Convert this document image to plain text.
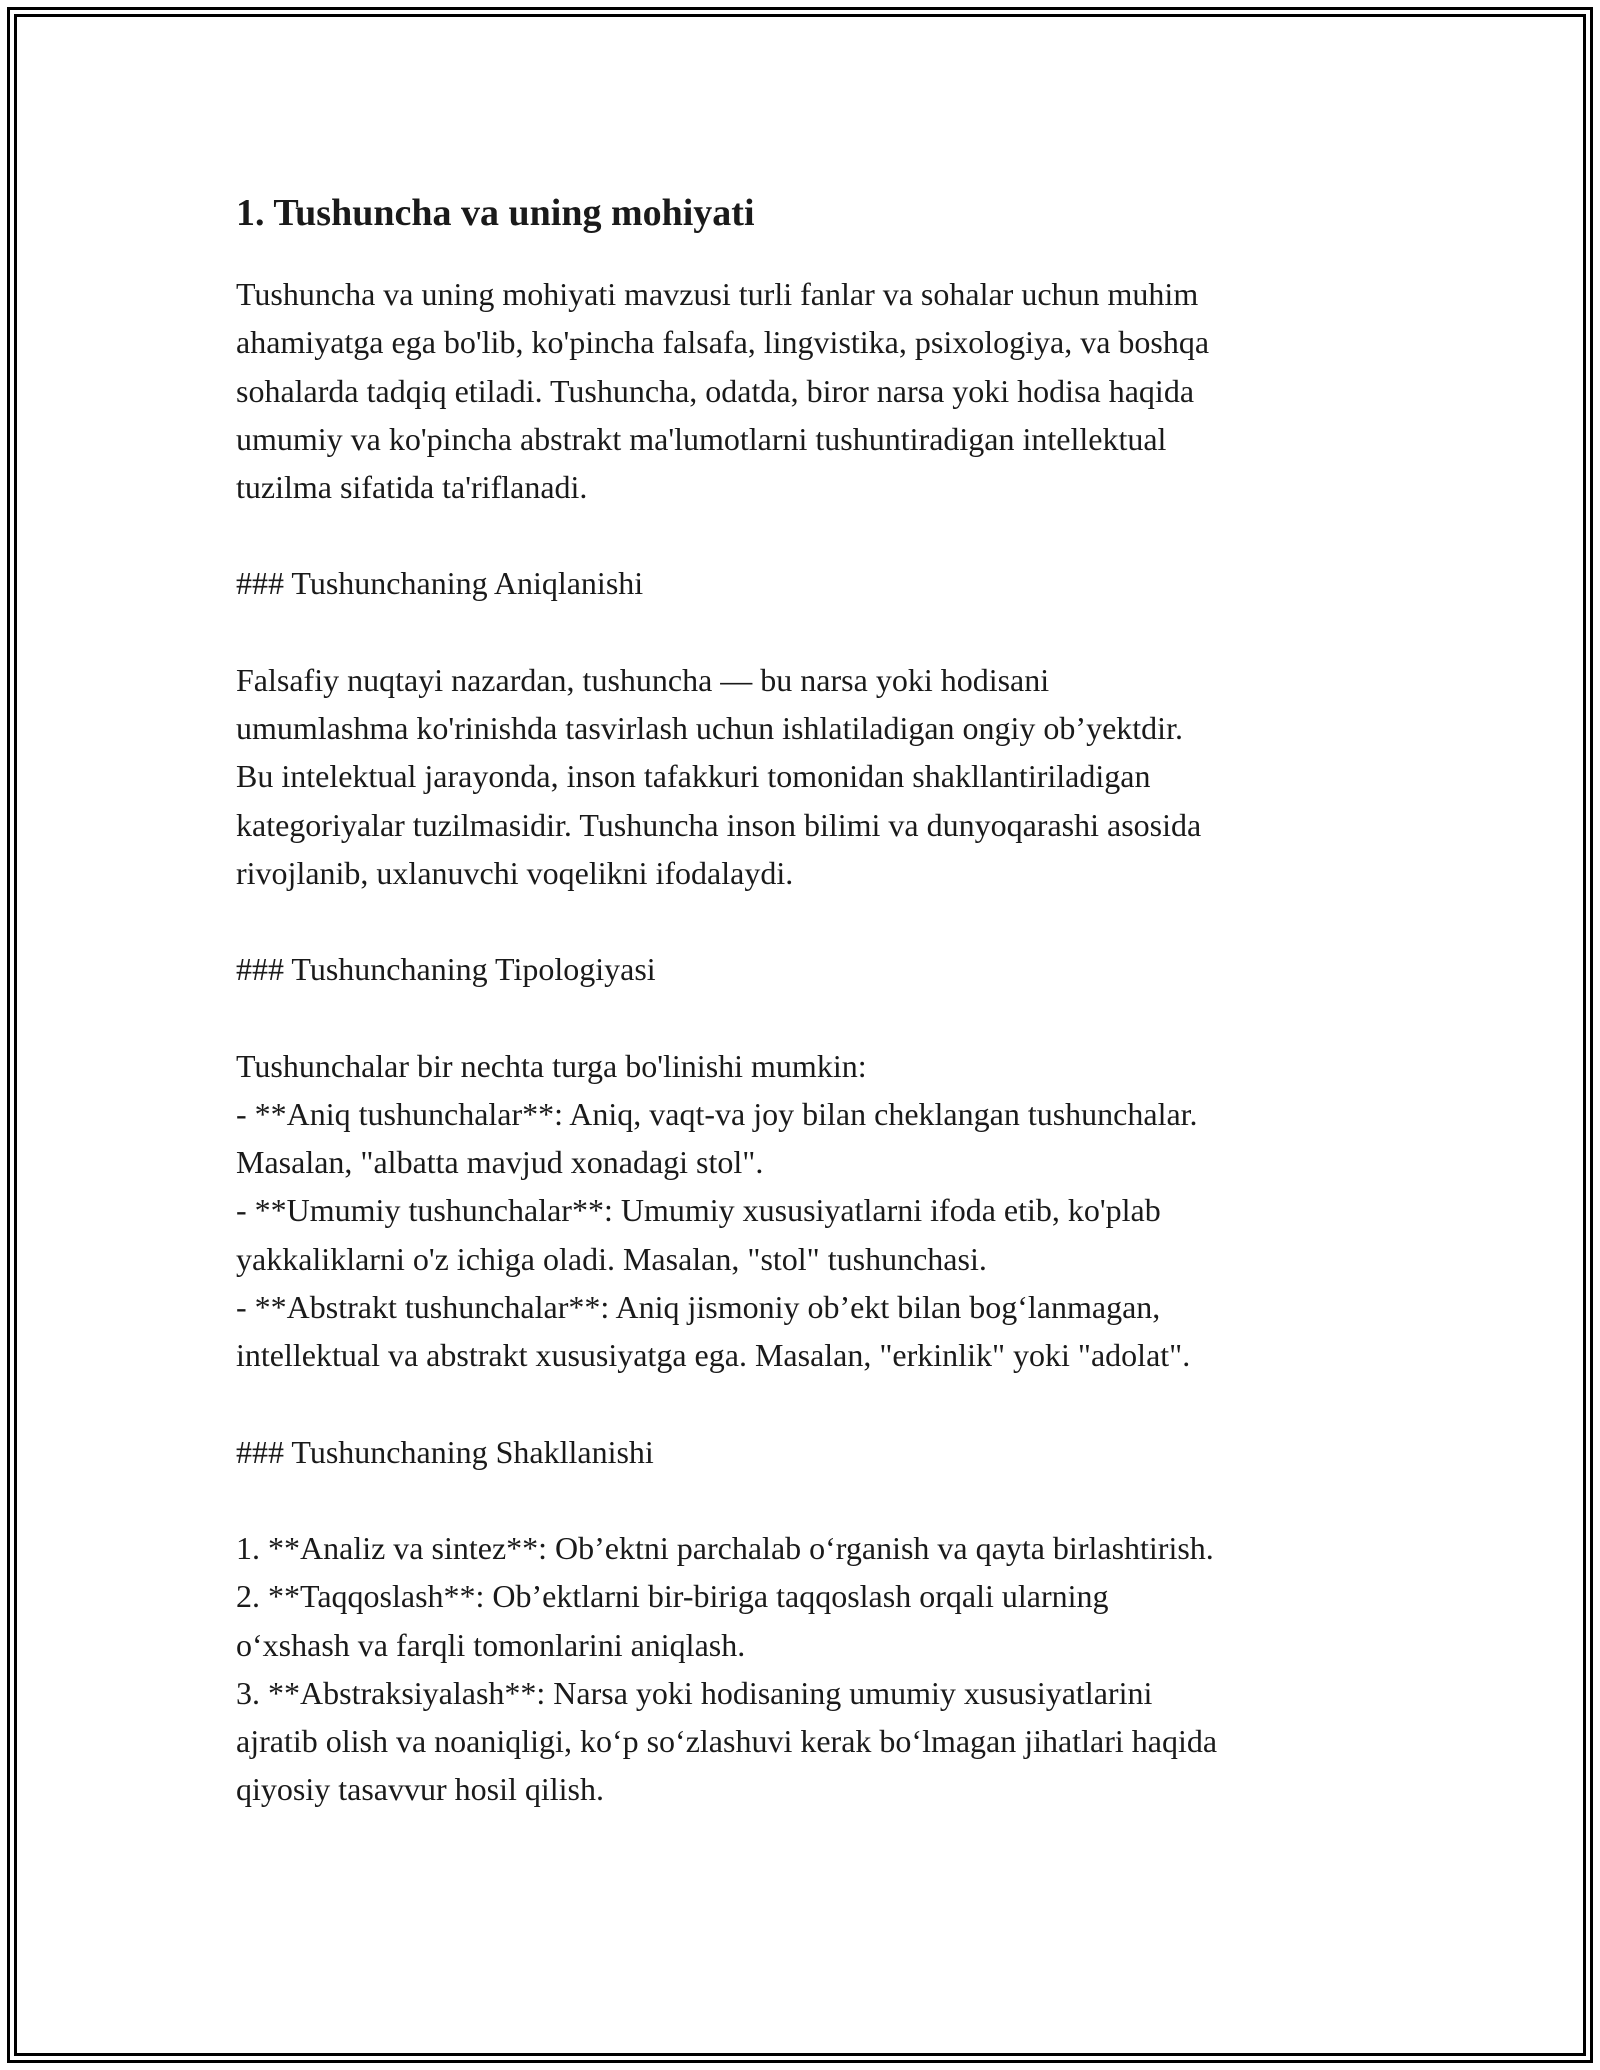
1. Tushuncha va uning mohiyati
Tushuncha va uning mohiyati mavzusi turli fanlar va sohalar uchun muhim
ahamiyatga ega bo'lib, ko'pincha falsafa, lingvistika, psixologiya, va boshqa
sohalarda tadqiq etiladi. Tushuncha, odatda, biror narsa yoki hodisa haqida
umumiy va ko'pincha abstrakt ma'lumotlarni tushuntiradigan intellektual
tuzilma sifatida ta'riflanadi.
### Tushunchaning Aniqlanishi
Falsafiy nuqtayi nazardan, tushuncha — bu narsa yoki hodisani
umumlashma ko'rinishda tasvirlash uchun ishlatiladigan ongiy ob’yektdir.
Bu intelektual jarayonda, inson tafakkuri tomonidan shakllantiriladigan
kategoriyalar tuzilmasidir. Tushuncha inson bilimi va dunyoqarashi asosida
rivojlanib, uxlanuvchi voqelikni ifodalaydi.
### Tushunchaning Tipologiyasi
Tushunchalar bir nechta turga bo'linishi mumkin:
- **Aniq tushunchalar**: Aniq, vaqt-va joy bilan cheklangan tushunchalar.
Masalan, "albatta mavjud xonadagi stol".
- **Umumiy tushunchalar**: Umumiy xususiyatlarni ifoda etib, ko'plab
yakkaliklarni o'z ichiga oladi. Masalan, "stol" tushunchasi.
- **Abstrakt tushunchalar**: Aniq jismoniy ob’ekt bilan bog‘lanmagan,
intellektual va abstrakt xususiyatga ega. Masalan, "erkinlik" yoki "adolat".
### Tushunchaning Shakllanishi
1. **Analiz va sintez**: Ob’ektni parchalab o‘rganish va qayta birlashtirish.
2. **Taqqoslash**: Ob’ektlarni bir-biriga taqqoslash orqali ularning
o‘xshash va farqli tomonlarini aniqlash.
3. **Abstraksiyalash**: Narsa yoki hodisaning umumiy xususiyatlarini
ajratib olish va noaniqligi, ko‘p so‘zlashuvi kerak bo‘lmagan jihatlari haqida
qiyosiy tasavvur hosil qilish.
